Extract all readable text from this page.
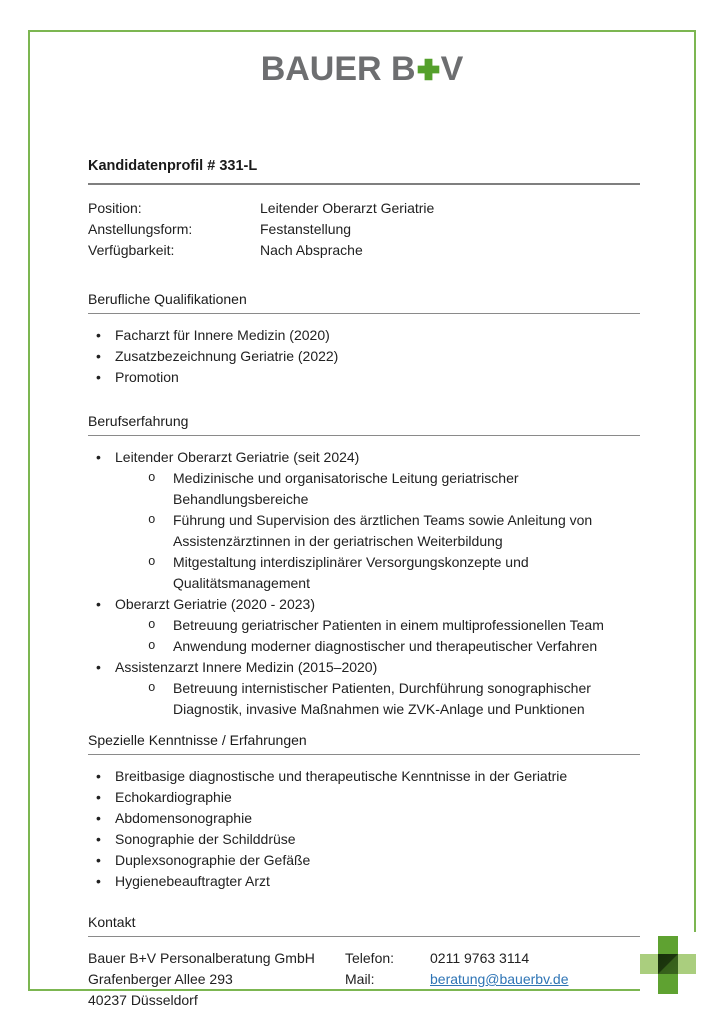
BAUER B V
Kandidatenprofil # 331-L
Position:	Leitender Oberarzt Geriatrie
Anstellungsform:	Festanstellung
Verfügbarkeit:	Nach Absprache
Berufliche Qualifikationen
• Facharzt für Innere Medizin (2020)
• Zusatzbezeichnung Geriatrie (2022)
• Promotion
Berufserfahrung
• Leitender Oberarzt Geriatrie (seit 2024)
o Medizinische und organisatorische Leitung geriatrischer Behandlungsbereiche
o Führung und Supervision des ärztlichen Teams sowie Anleitung von Assistenzärztinnen in der geriatrischen Weiterbildung
o Mitgestaltung interdisziplinärer Versorgungskonzepte und Qualitätsmanagement
• Oberarzt Geriatrie (2020 - 2023)
o Betreuung geriatrischer Patienten in einem multiprofessionellen Team
o Anwendung moderner diagnostischer und therapeutischer Verfahren
• Assistenzarzt Innere Medizin (2015–2020)
o Betreuung internistischer Patienten, Durchführung sonographischer Diagnostik, invasive Maßnahmen wie ZVK-Anlage und Punktionen
Spezielle Kenntnisse / Erfahrungen
• Breitbasige diagnostische und therapeutische Kenntnisse in der Geriatrie
• Echokardiographie
• Abdomensonographie
• Sonographie der Schilddrüse
• Duplexsonographie der Gefäße
• Hygienebeauftragter Arzt
Kontakt
Bauer B+V Personalberatung GmbH
Grafenberger Allee 293
40237 Düsseldorf
Telefon:	0211 9763 3114
Mail:	beratung@bauerbv.de
